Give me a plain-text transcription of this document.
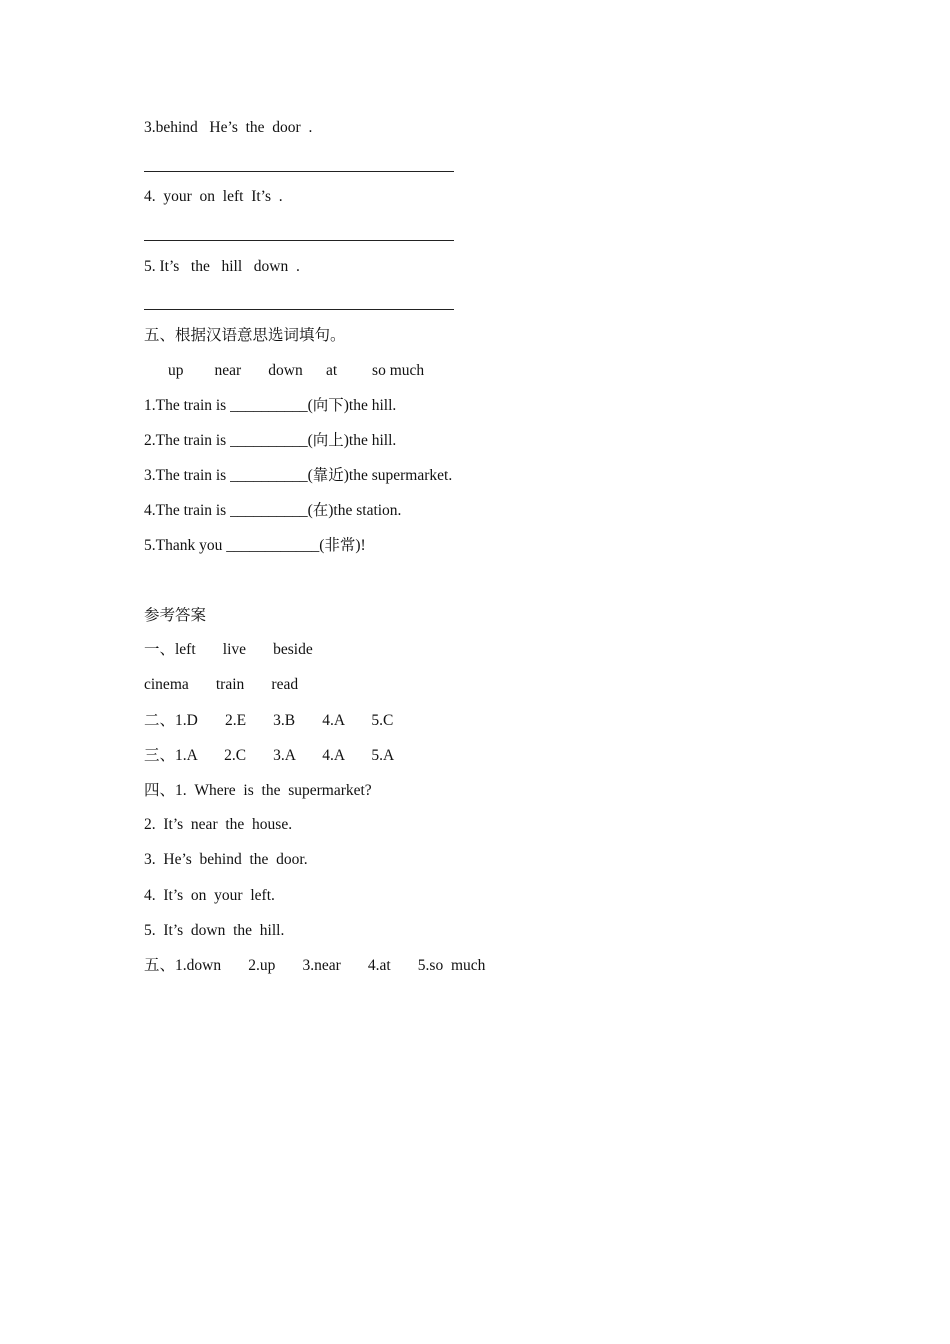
3.behind   He’s  the  door  .
4.  your  on  left  It’s  .
5. It’s   the   hill   down  .
五、根据汉语意思选词填句。
up        near       down      at         so much
1.The train is __________(向下)the hill.
2.The train is __________(向上)the hill.
3.The train is __________(靠近)the supermarket.
4.The train is __________(在)the station.
5.Thank you ____________(非常)!
参考答案
一、left       live       beside
cinema       train       read
二、1.D       2.E       3.B       4.A       5.C
三、1.A       2.C       3.A       4.A       5.A
四、1.  Where  is  the  supermarket?
2.  It’s  near  the  house.
3.  He’s  behind  the  door.
4.  It’s  on  your  left.
5.  It’s  down  the  hill.
五、1.down       2.up       3.near       4.at       5.so  much
